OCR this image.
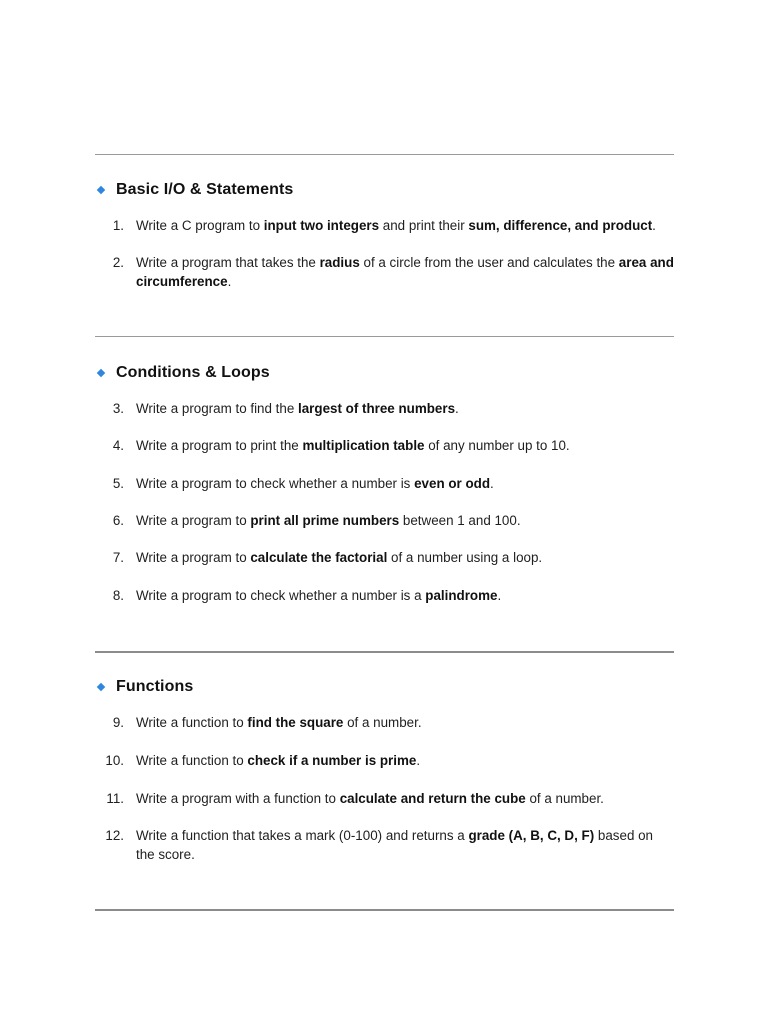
Basic I/O & Statements
1. Write a C program to input two integers and print their sum, difference, and product.
2. Write a program that takes the radius of a circle from the user and calculates the area and circumference.
Conditions & Loops
3. Write a program to find the largest of three numbers.
4. Write a program to print the multiplication table of any number up to 10.
5. Write a program to check whether a number is even or odd.
6. Write a program to print all prime numbers between 1 and 100.
7. Write a program to calculate the factorial of a number using a loop.
8. Write a program to check whether a number is a palindrome.
Functions
9. Write a function to find the square of a number.
10. Write a function to check if a number is prime.
11. Write a program with a function to calculate and return the cube of a number.
12. Write a function that takes a mark (0-100) and returns a grade (A, B, C, D, F) based on the score.
